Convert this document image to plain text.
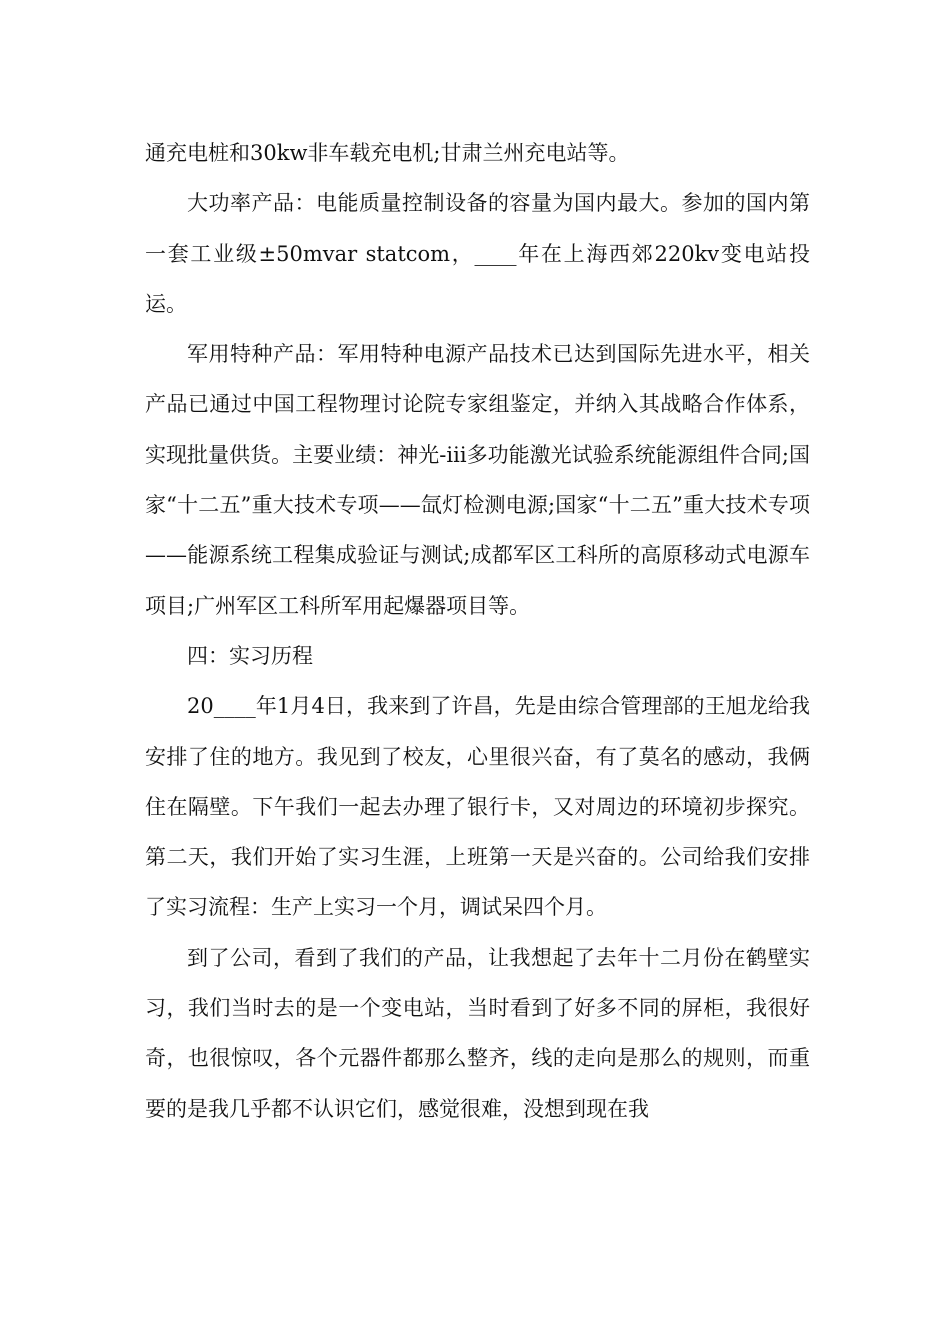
通充电桩和30kw非车载充电机;甘肃兰州充电站等。

大功率产品：电能质量控制设备的容量为国内最大。参加的国内第一套工业级±50mvar statcom，____年在上海西郊220kv变电站投运。

军用特种产品：军用特种电源产品技术已达到国际先进水平，相关产品已通过中国工程物理讨论院专家组鉴定，并纳入其战略合作体系，实现批量供货。主要业绩：神光-iii多功能激光试验系统能源组件合同;国家“十二五”重大技术专项——氙灯检测电源;国家“十二五”重大技术专项——能源系统工程集成验证与测试;成都军区工科所的高原移动式电源车项目;广州军区工科所军用起爆器项目等。

四：实习历程

20____年1月4日，我来到了许昌，先是由综合管理部的王旭龙给我安排了住的地方。我见到了校友，心里很兴奋，有了莫名的感动，我俩住在隔壁。下午我们一起去办理了银行卡，又对周边的环境初步探究。第二天，我们开始了实习生涯，上班第一天是兴奋的。公司给我们安排了实习流程：生产上实习一个月，调试呆四个月。

到了公司，看到了我们的产品，让我想起了去年十二月份在鹤壁实习，我们当时去的是一个变电站，当时看到了好多不同的屏柜，我很好奇，也很惊叹，各个元器件都那么整齐，线的走向是那么的规则，而重要的是我几乎都不认识它们，感觉很难，没想到现在我
